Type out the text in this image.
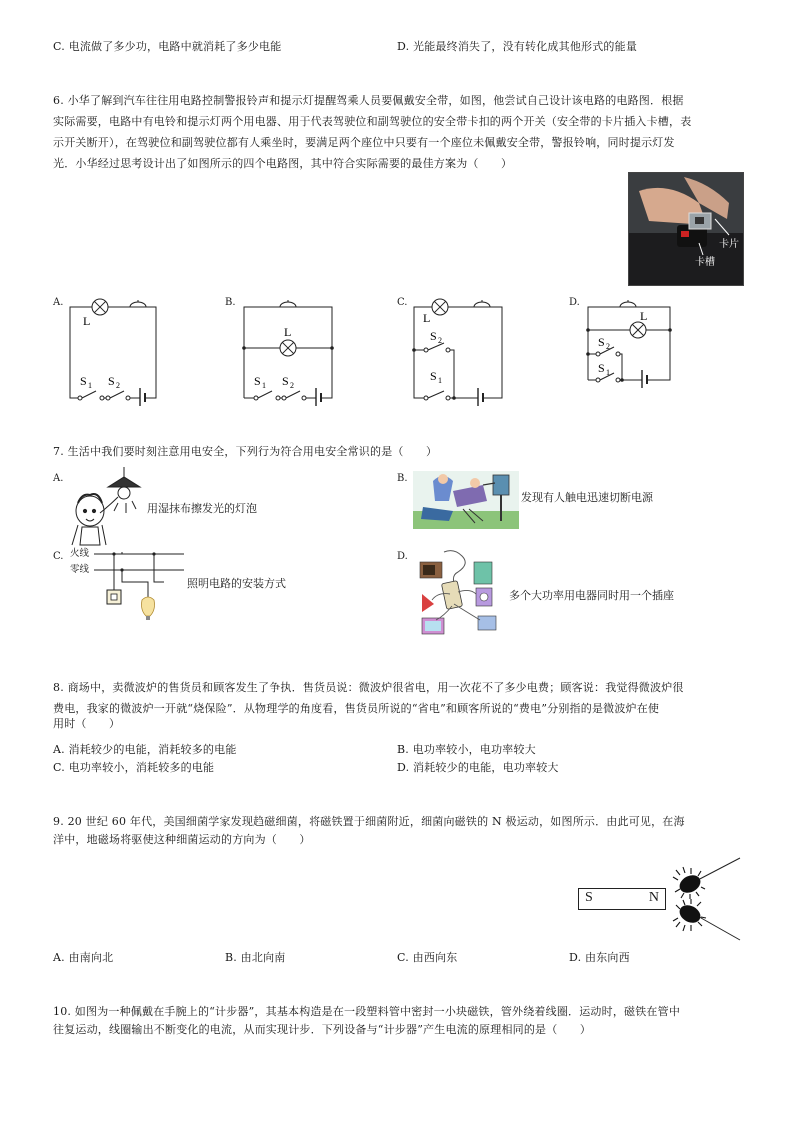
C. 电流做了多少功，电路中就消耗了多少电能	D. 光能最终消失了，没有转化成其他形式的能量
6. 小华了解到汽车往往用电路控制警报铃声和提示灯提醒驾乘人员要佩戴安全带，如图，他尝试自己设计该电路的电路图．根据
实际需要，电路中有电铃和提示灯两个用电器、用于代表驾驶位和副驾驶位的安全带卡扣的两个开关（安全带的卡片插入卡槽，表
示开关断开），在驾驶位和副驾驶位都有人乘坐时，要满足两个座位中只要有一个座位未佩戴安全带，警报铃响，同时提示灯发
光．小华经过思考设计出了如图所示的四个电路图，其中符合实际需要的最佳方案为（　　）
卡片
卡槽
A.
L
S 1 S 2
B.
L
S 1 S 2
C.
L
S 2
S 1
D.
L
S 2
S 1
7. 生活中我们要时刻注意用电安全，下列行为符合用电安全常识的是（　　）
A.
用湿抹布擦发光的灯泡
B.
发现有人触电迅速切断电源
C. 火线
零线
照明电路的安装方式
D.
多个大功率用电器同时用一个插座
8. 商场中，卖微波炉的售货员和顾客发生了争执．售货员说：微波炉很省电，用一次花不了多少电费；顾客说：我觉得微波炉很
费电，我家的微波炉一开就“烧保险”．从物理学的角度看，售货员所说的“省电”和顾客所说的“费电”分别指的是微波炉在使
用时（　　）
A. 消耗较少的电能，消耗较多的电能	B. 电功率较小，电功率较大
C. 电功率较小，消耗较多的电能	D. 消耗较少的电能，电功率较大
9. 20 世纪 60 年代，美国细菌学家发现趋磁细菌，将磁铁置于细菌附近，细菌向磁铁的 N 极运动，如图所示．由此可见，在海
洋中，地磁场将驱使这种细菌运动的方向为（　　）
S	N
A. 由南向北	B. 由北向南	C. 由西向东	D. 由东向西
10. 如图为一种佩戴在手腕上的“计步器”，其基本构造是在一段塑料管中密封一小块磁铁，管外绕着线圈．运动时，磁铁在管中
往复运动，线圈输出不断变化的电流，从而实现计步．下列设备与“计步器”产生电流的原理相同的是（　　）
